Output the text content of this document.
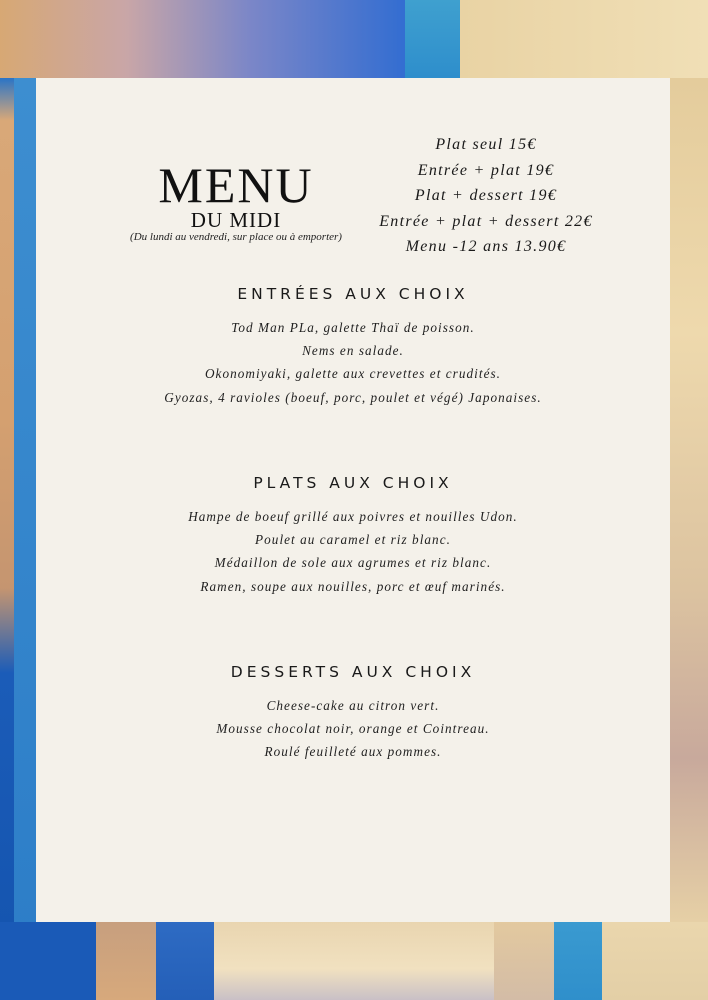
MENU
DU MIDI
(Du lundi au vendredi, sur place ou à emporter)
Plat seul 15€
Entrée + plat 19€
Plat + dessert 19€
Entrée + plat + dessert 22€
Menu -12 ans 13.90€
ENTRÉES AUX CHOIX
Tod Man PLa, galette Thaï de poisson.
Nems en salade.
Okonomiyaki, galette aux crevettes et crudités.
Gyozas, 4 ravioles (boeuf, porc, poulet et végé) Japonaises.
PLATS AUX CHOIX
Hampe de boeuf grillé aux poivres et nouilles Udon.
Poulet au caramel et riz blanc.
Médaillon de sole aux agrumes et riz blanc.
Ramen, soupe aux nouilles, porc et œuf marinés.
DESSERTS AUX CHOIX
Cheese-cake au citron vert.
Mousse chocolat noir, orange et Cointreau.
Roulé feuilleté aux pommes.
